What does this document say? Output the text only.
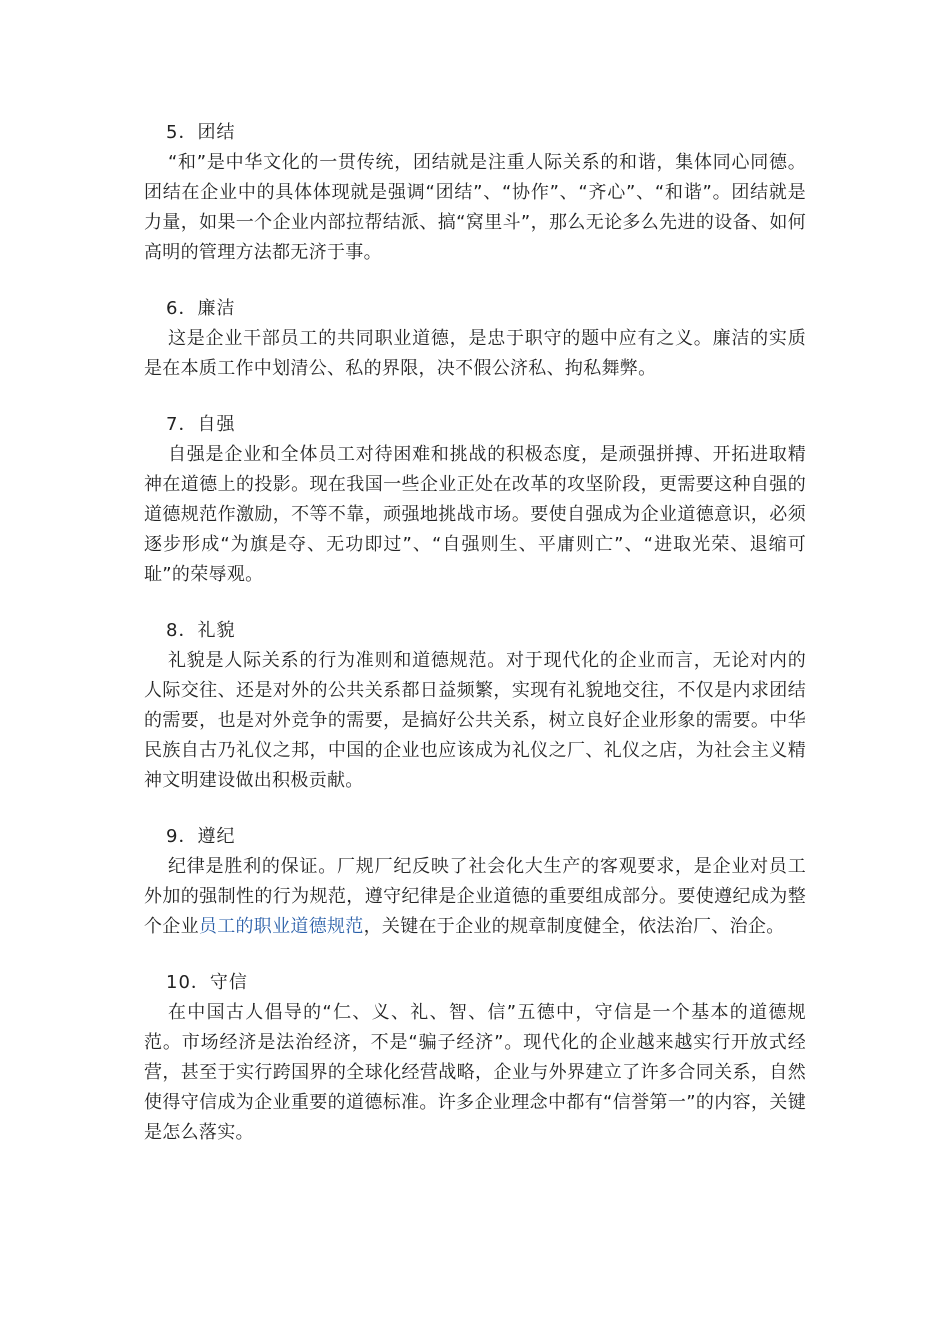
5．团结

“和”是中华文化的一贯传统，团结就是注重人际关系的和谐，集体同心同德。团结在企业中的具体体现就是强调“团结”、“协作”、“齐心”、“和谐”。团结就是力量，如果一个企业内部拉帮结派、搞“窝里斗”，那么无论多么先进的设备、如何高明的管理方法都无济于事。

6．廉洁

这是企业干部员工的共同职业道德，是忠于职守的题中应有之义。廉洁的实质是在本质工作中划清公、私的界限，决不假公济私、拘私舞弊。

7．自强

自强是企业和全体员工对待困难和挑战的积极态度，是顽强拼搏、开拓进取精神在道德上的投影。现在我国一些企业正处在改革的攻坚阶段，更需要这种自强的道德规范作激励，不等不靠，顽强地挑战市场。要使自强成为企业道德意识，必须逐步形成“为旗是夺、无功即过”、“自强则生、平庸则亡”、“进取光荣、退缩可耻”的荣辱观。

8．礼貌

礼貌是人际关系的行为准则和道德规范。对于现代化的企业而言，无论对内的人际交往、还是对外的公共关系都日益频繁，实现有礼貌地交往，不仅是内求团结的需要，也是对外竞争的需要，是搞好公共关系，树立良好企业形象的需要。中华民族自古乃礼仪之邦，中国的企业也应该成为礼仪之厂、礼仪之店，为社会主义精神文明建设做出积极贡献。

9．遵纪

纪律是胜利的保证。厂规厂纪反映了社会化大生产的客观要求，是企业对员工外加的强制性的行为规范，遵守纪律是企业道德的重要组成部分。要使遵纪成为整个企业员工的职业道德规范，关键在于企业的规章制度健全，依法治厂、治企。

10．守信

在中国古人倡导的“仁、义、礼、智、信”五德中，守信是一个基本的道德规范。市场经济是法治经济，不是“骗子经济”。现代化的企业越来越实行开放式经营，甚至于实行跨国界的全球化经营战略，企业与外界建立了许多合同关系，自然使得守信成为企业重要的道德标准。许多企业理念中都有“信誉第一”的内容，关键是怎么落实。
